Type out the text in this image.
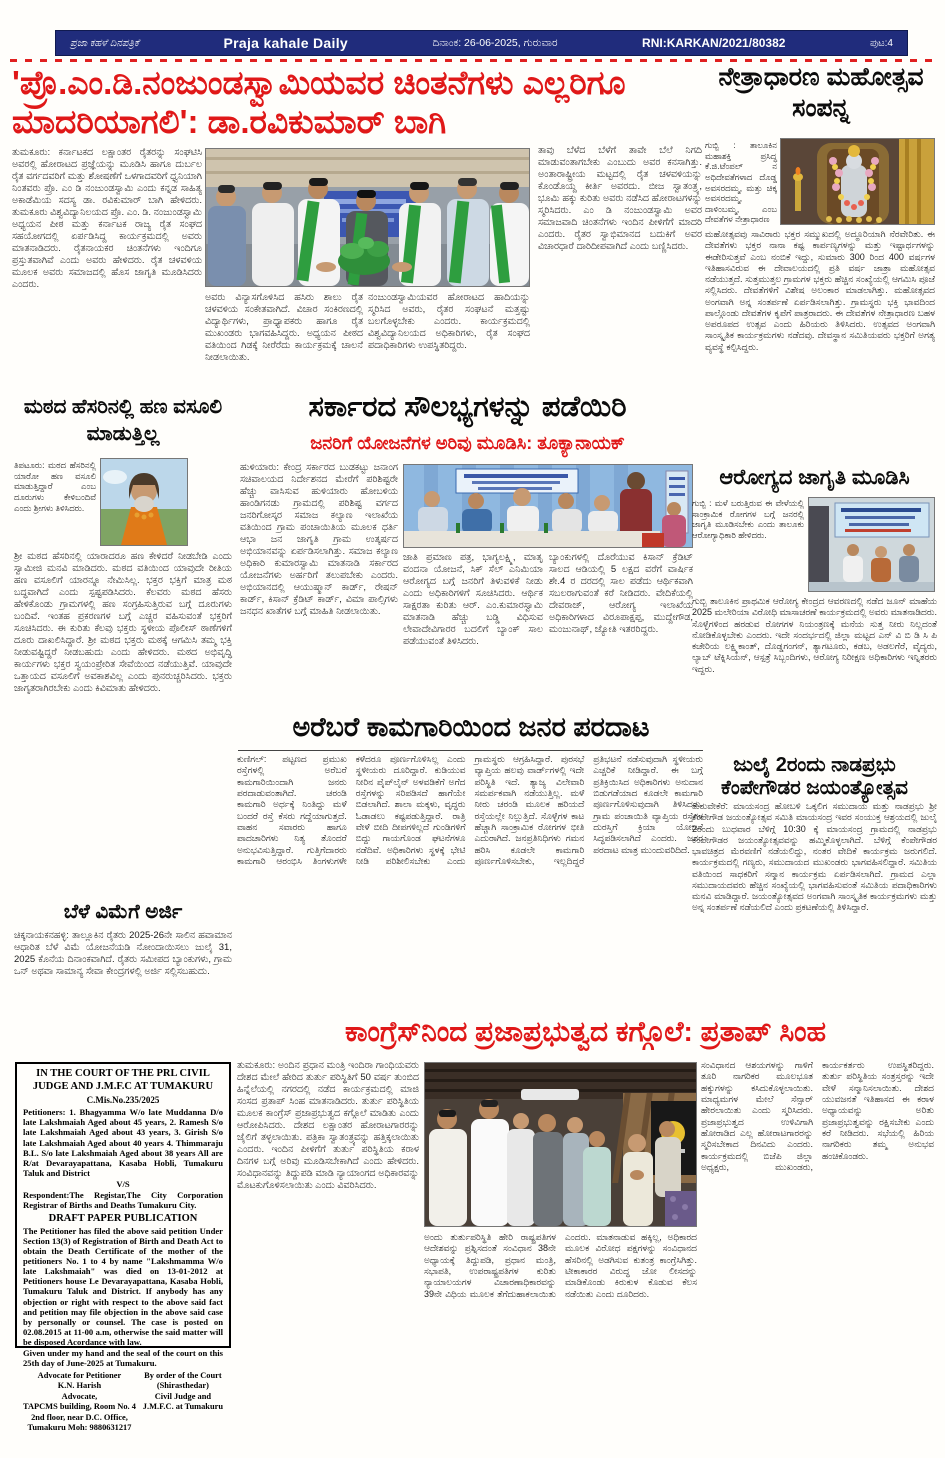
ಪ್ರಜಾ ಕಹಳೆ ದಿನಪತ್ರಿಕೆ	Praja kahale Daily	ದಿನಾಂಕ: 26-06-2025, ಗುರುವಾರ	RNI:KARKAN/2021/80382	ಪುಟ:4
'ಪ್ರೊ.ಎಂ.ಡಿ.ನಂಜುಂಡಸ್ವಾಮಿಯವರ ಚಿಂತನೆಗಳು ಎಲ್ಲರಿಗೂ ಮಾದರಿಯಾಗಲಿ': ಡಾ.ರವಿಕುಮಾರ್ ಬಾಗಿ
ತುಮಕೂರು: ಕರ್ನಾಟಕದ ಲಕ್ಷಾಂತರ ರೈತರನ್ನು ಸಂಘಟಿಸಿ ಅವರಲ್ಲಿ ಹೋರಾಟದ ಪ್ರಜ್ಞೆಯನ್ನು ಮೂಡಿಸಿ ಹಾಗೂ ದುರ್ಬಲ ರೈತ ವರ್ಗದವರಿಗೆ ಮತ್ತು ಶೋಷಣೆಗೆ ಒಳಗಾದವರಿಗೆ ಧ್ವನಿಯಾಗಿ ನಿಂತವರು ಪ್ರೊ. ಎಂ ಡಿ ನಂಜುಂಡಸ್ವಾಮಿ ಎಂದು ಕನ್ನಡ ಸಾಹಿತ್ಯ ಅಕಾಡೆಮಿಯ ಸದಸ್ಯ ಡಾ. ರವಿಕುಮಾರ್ ಬಾಗಿ ಹೇಳಿದರು. ತುಮಕೂರು ವಿಶ್ವವಿದ್ಯಾನಿಲಯದ ಪ್ರೊ. ಎಂ. ಡಿ. ನಂಜುಂಡಸ್ವಾಮಿ ಅಧ್ಯಯನ ಪೀಠ ಮತ್ತು ಕರ್ನಾಟಕ ರಾಜ್ಯ ರೈತ ಸಂಘದ ಸಹಯೋಗದಲ್ಲಿ ಏರ್ಪಡಿಸಿದ್ದ ಕಾರ್ಯಕ್ರಮದಲ್ಲಿ ಅವರು ಮಾತನಾಡಿದರು. ರೈತನಾಯಕರ ಚಿಂತನೆಗಳು ಇಂದಿಗೂ ಪ್ರಸ್ತುತವಾಗಿವೆ ಎಂದು ಅವರು ಹೇಳಿದರು. ರೈತ ಚಳವಳಿಯ ಮೂಲಕ ಅವರು ಸಮಾಜದಲ್ಲಿ ಹೊಸ ಜಾಗೃತಿ ಮೂಡಿಸಿದರು ಎಂದರು.
ತಾವು ಬೆಳೆದ ಬೆಳೆಗೆ ತಾವೇ ಬೆಲೆ ನಿಗದಿ ಮಾಡುವಂತಾಗಬೇಕು ಎಂಬುದು ಅವರ ಕನಸಾಗಿತ್ತು. ಅಂತಾರಾಷ್ಟ್ರೀಯ ಮಟ್ಟದಲ್ಲಿ ರೈತ ಚಳವಳಿಯನ್ನು ಕೊಂಡೊಯ್ದ ಕೀರ್ತಿ ಅವರದು. ಬೀಜ ಸ್ವಾತಂತ್ರ್ಯ, ಭೂಮಿ ಹಕ್ಕು ಕುರಿತು ಅವರು ನಡೆಸಿದ ಹೋರಾಟಗಳನ್ನು ಸ್ಮರಿಸಿದರು. ಎಂ ಡಿ ನಂಜುಂಡಸ್ವಾಮಿ ಅವರ ಸಮಾಜವಾದಿ ಚಿಂತನೆಗಳು ಇಂದಿನ ಪೀಳಿಗೆಗೆ ಮಾದರಿ ಎಂದರು. ರೈತರ ಸ್ವಾಭಿಮಾನದ ಬದುಕಿಗೆ ಅವರ ವಿಚಾರಧಾರೆ ದಾರಿದೀಪವಾಗಿದೆ ಎಂದು ಬಣ್ಣಿಸಿದರು.
ಅವರು ವಿನ್ಯಾಸಗೊಳಿಸಿದ ಹಸಿರು ಶಾಲು ರೈತ ಚಳವಳಿಯ ಸಂಕೇತವಾಗಿದೆ. ವಿಚಾರ ಸಂಕಿರಣದಲ್ಲಿ ವಿದ್ಯಾರ್ಥಿಗಳು, ಪ್ರಾಧ್ಯಾಪಕರು ಹಾಗೂ ರೈತ ಮುಖಂಡರು ಭಾಗವಹಿಸಿದ್ದರು. ಅಧ್ಯಯನ ಪೀಠದ ವತಿಯಿಂದ ಗಿಡಕ್ಕೆ ನೀರೆರೆದು ಕಾರ್ಯಕ್ರಮಕ್ಕೆ ಚಾಲನೆ ನೀಡಲಾಯಿತು.
ನಂಜುಂಡಸ್ವಾಮಿಯವರ ಹೋರಾಟದ ಹಾದಿಯನ್ನು ಸ್ಮರಿಸಿದ ಅವರು, ರೈತರ ಸಂಘಟನೆ ಮತ್ತಷ್ಟು ಬಲಗೊಳ್ಳಬೇಕು ಎಂದರು. ಕಾರ್ಯಕ್ರಮದಲ್ಲಿ ವಿಶ್ವವಿದ್ಯಾನಿಲಯದ ಅಧಿಕಾರಿಗಳು, ರೈತ ಸಂಘದ ಪದಾಧಿಕಾರಿಗಳು ಉಪಸ್ಥಿತರಿದ್ದರು.
ನೇತ್ರಾಧಾರಣ ಮಹೋತ್ಸವ ಸಂಪನ್ನ
ಗುಬ್ಬಿ : ತಾಲೂಕಿನ ಮಹಾಶಕ್ತಿ ಪ್ರಸಿದ್ಧ ಕೆ.ಜಿ.ಟೆಂಪಲ್ ನ ಅಧಿದೇವತೆಗಳಾದ ದೊಡ್ಡ ಅವಸರದಮ್ಮ, ಮತ್ತು ಚಿಕ್ಕ ಅವಸರದಮ್ಮ, ದಾಳಿಂಬಮ್ಮ, ಎಂಬ ದೇವತೆಗಳ ನೇತ್ರಾಧಾರಣ
ಮಹೋತ್ಸವವು ಸಾವಿರಾರು ಭಕ್ತರ ಸಮ್ಮುಖದಲ್ಲಿ ಅದ್ಧೂರಿಯಾಗಿ ನೆರವೇರಿತು. ಈ ದೇವತೆಗಳು ಭಕ್ತರ ನಾನಾ ಕಷ್ಟ ಕಾರ್ಪಣ್ಯಗಳನ್ನು ಮತ್ತು ಇಷ್ಟಾರ್ಥಗಳನ್ನು ಈಡೇರಿಸುತ್ತವೆ ಎಂಬ ನಂಬಿಕೆ ಇದ್ದು, ಸುಮಾರು 300 ರಿಂದ 400 ವರ್ಷಗಳ ಇತಿಹಾಸವಿರುವ ಈ ದೇವಾಲಯದಲ್ಲಿ ಪ್ರತಿ ವರ್ಷ ಜಾತ್ರಾ ಮಹೋತ್ಸವ ನಡೆಯುತ್ತದೆ. ಸುತ್ತಮುತ್ತಲ ಗ್ರಾಮಗಳ ಭಕ್ತರು ಹೆಚ್ಚಿನ ಸಂಖ್ಯೆಯಲ್ಲಿ ಆಗಮಿಸಿ ಪೂಜೆ ಸಲ್ಲಿಸಿದರು. ದೇವತೆಗಳಿಗೆ ವಿಶೇಷ ಅಲಂಕಾರ ಮಾಡಲಾಗಿತ್ತು. ಮಹೋತ್ಸವದ ಅಂಗವಾಗಿ ಅನ್ನ ಸಂತರ್ಪಣೆ ಏರ್ಪಡಿಸಲಾಗಿತ್ತು. ಗ್ರಾಮಸ್ಥರು ಭಕ್ತಿ ಭಾವದಿಂದ ಪಾಲ್ಗೊಂಡು ದೇವತೆಗಳ ಕೃಪೆಗೆ ಪಾತ್ರರಾದರು. ಈ ದೇವತೆಗಳ ನೇತ್ರಾಧಾರಣ ಬಹಳ ಅಪರೂಪದ ಉತ್ಸವ ಎಂದು ಹಿರಿಯರು ತಿಳಿಸಿದರು. ಉತ್ಸವದ ಅಂಗವಾಗಿ ಸಾಂಸ್ಕೃತಿಕ ಕಾರ್ಯಕ್ರಮಗಳು ನಡೆದವು. ದೇವಸ್ಥಾನ ಸಮಿತಿಯವರು ಭಕ್ತರಿಗೆ ಅಗತ್ಯ ವ್ಯವಸ್ಥೆ ಕಲ್ಪಿಸಿದ್ದರು.
ಮಠದ ಹೆಸರಿನಲ್ಲಿ ಹಣ ವಸೂಲಿ ಮಾಡುತ್ತಿಲ್ಲ
ಸರ್ಕಾರದ ಸೌಲಭ್ಯಗಳನ್ನು ಪಡೆಯಿರಿ
ಜನರಿಗೆ ಯೋಜನೆಗಳ ಅರಿವು ಮೂಡಿಸಿ: ತೂಕ್ಯಾನಾಯಕ್
ತಿಪಟೂರು: ಮಠದ ಹೆಸರಿನಲ್ಲಿ ಯಾರೋ ಹಣ ವಸೂಲಿ ಮಾಡುತ್ತಿದ್ದಾರೆ ಎಂಬ ದೂರುಗಳು ಕೇಳಿಬಂದಿವೆ ಎಂದು ಶ್ರೀಗಳು ತಿಳಿಸಿದರು.
ಶ್ರೀ ಮಠದ ಹೆಸರಿನಲ್ಲಿ ಯಾರಾದರೂ ಹಣ ಕೇಳಿದರೆ ನೀಡಬೇಡಿ ಎಂದು ಸ್ವಾಮೀಜಿ ಮನವಿ ಮಾಡಿದರು. ಮಠದ ವತಿಯಿಂದ ಯಾವುದೇ ರೀತಿಯ ಹಣ ವಸೂಲಿಗೆ ಯಾರನ್ನೂ ನೇಮಿಸಿಲ್ಲ. ಭಕ್ತರ ಭಕ್ತಿಗೆ ಮಾತ್ರ ಮಠ ಬದ್ಧವಾಗಿದೆ ಎಂದು ಸ್ಪಷ್ಟಪಡಿಸಿದರು. ಕೆಲವರು ಮಠದ ಹೆಸರು ಹೇಳಿಕೊಂಡು ಗ್ರಾಮಗಳಲ್ಲಿ ಹಣ ಸಂಗ್ರಹಿಸುತ್ತಿರುವ ಬಗ್ಗೆ ದೂರುಗಳು ಬಂದಿವೆ. ಇಂತಹ ಪ್ರಕರಣಗಳ ಬಗ್ಗೆ ಎಚ್ಚರ ವಹಿಸುವಂತೆ ಭಕ್ತರಿಗೆ ಸೂಚಿಸಿದರು. ಈ ಕುರಿತು ಕೆಲವು ಭಕ್ತರು ಸ್ಥಳೀಯ ಪೊಲೀಸ್ ಠಾಣೆಗಳಿಗೆ ದೂರು ದಾಖಲಿಸಿದ್ದಾರೆ. ಶ್ರೀ ಮಠದ ಭಕ್ತರು ಮಠಕ್ಕೆ ಆಗಮಿಸಿ ತಮ್ಮ ಭಕ್ತಿ ನೀಡುವಷ್ಟಿದ್ದರೆ ನೀಡಬಹುದು ಎಂದು ಹೇಳಿದರು. ಮಠದ ಅಭಿವೃದ್ಧಿ ಕಾರ್ಯಗಳು ಭಕ್ತರ ಸ್ವಯಂಪ್ರೇರಿತ ಸೇವೆಯಿಂದ ನಡೆಯುತ್ತಿವೆ. ಯಾವುದೇ ಒತ್ತಾಯದ ವಸೂಲಿಗೆ ಅವಕಾಶವಿಲ್ಲ ಎಂದು ಪುನರುಚ್ಚರಿಸಿದರು. ಭಕ್ತರು ಜಾಗೃತರಾಗಿರಬೇಕು ಎಂದು ಕಿವಿಮಾತು ಹೇಳಿದರು.
ಬೆಳೆ ವಿಮೆಗೆ ಅರ್ಜಿ
ಚಿಕ್ಕನಾಯಕನಹಳ್ಳಿ: ತಾಲ್ಲೂಕಿನ ರೈತರು 2025-26ನೇ ಸಾಲಿನ ಹವಾಮಾನ ಆಧಾರಿತ ಬೆಳೆ ವಿಮೆ ಯೋಜನೆಯಡಿ ನೋಂದಾಯಿಸಲು ಜುಲೈ 31, 2025 ಕೊನೆಯ ದಿನಾಂಕವಾಗಿದೆ. ರೈತರು ಸಮೀಪದ ಬ್ಯಾಂಕುಗಳು, ಗ್ರಾಮ ಒನ್ ಅಥವಾ ಸಾಮಾನ್ಯ ಸೇವಾ ಕೇಂದ್ರಗಳಲ್ಲಿ ಅರ್ಜಿ ಸಲ್ಲಿಸಬಹುದು.
ಹುಳಿಯಾರು: ಕೇಂದ್ರ ಸರ್ಕಾರದ ಬುಡಕಟ್ಟು ಜನಾಂಗ ಸಚಿವಾಲಯದ ನಿರ್ದೇಶನದ ಮೇರೆಗೆ ಪರಿಶಿಷ್ಟರೇ ಹೆಚ್ಚು ವಾಸಿಸುವ ಹುಳಿಯಾರು ಹೋಬಳಿಯ ಹಾಂಡಿಗನಡು ಗ್ರಾಮದಲ್ಲಿ ಪರಿಶಿಷ್ಟ ವರ್ಗದ ಜನರಿಗೋಸ್ಕರ ಸಮಾಜ ಕಲ್ಯಾಣ ಇಲಾಖೆಯ ವತಿಯಿಂದ ಗ್ರಾಮ ಪಂಚಾಯಿತಿಯ ಮೂಲಕ ಧರ್ತಿ ಆಭಾ ಜನ ಜಾಗೃತಿ ಗ್ರಾಮ ಉತ್ಕರ್ಷದ ಅಭಿಯಾನವನ್ನು ಏರ್ಪಡಿಸಲಾಗಿತ್ತು. ಸಮಾಜ ಕಲ್ಯಾಣ ಅಧಿಕಾರಿ ಕುಮಾರಸ್ವಾಮಿ ಮಾತನಾಡಿ ಸರ್ಕಾರದ ಯೋಜನೆಗಳು ಅರ್ಹರಿಗೆ ತಲುಪಬೇಕು ಎಂದರು. ಅಭಿಯಾನದಲ್ಲಿ ಆಯುಷ್ಮಾನ್ ಕಾರ್ಡ್, ರೇಷನ್ ಕಾರ್ಡ್, ಕಿಸಾನ್ ಕ್ರೆಡಿಟ್ ಕಾರ್ಡ್, ವಿಮಾ ಪಾಲ್ಸಿಗಳು ಜನಧನ ಖಾತೆಗಳ ಬಗ್ಗೆ ಮಾಹಿತಿ ನೀಡಲಾಯಿತು.
ಜಾತಿ ಪ್ರಮಾಣ ಪತ್ರ, ಭಾಗ್ಯಲಕ್ಷ್ಮಿ, ಮಾತೃ ವಂದನಾ ಯೋಜನೆ, ಸಿಕ್ ಸೆಲ್ ಎನಿಮಿಯಾ ಆರೋಗ್ಯದ ಬಗ್ಗೆ ಜನರಿಗೆ ತಿಳುವಳಿಕೆ ನೀಡು ಎಂದು ಅಧಿಕಾರಿಗಳಿಗೆ ಸೂಚಿಸಿದರು. ಆರ್ಥಿಕ ಸಾಕ್ಷರತಾ ಕುರಿತು ಆರ್. ಎಂ.ಕುಮಾರಸ್ವಾಮಿ ಮಾತನಾಡಿ ಹೆಚ್ಚು ಬಡ್ಡಿ ವಿಧಿಸುವ ಲೇವಾದೇವಿಗಾರರ ಬದಲಿಗೆ ಬ್ಯಾಂಕ್ ಸಾಲ ಪಡೆಯುವಂತೆ ತಿಳಿಸಿದರು.
ಬ್ಯಾಂಕುಗಳಲ್ಲಿ ದೊರೆಯುವ ಕಿಸಾನ್ ಕ್ರೆಡಿಟ್ ಸಾಲದ ಆಡಿಯಲ್ಲಿ 5 ಲಕ್ಷದ ವರೆಗೆ ವಾರ್ಷಿಕ ಶೇ.4 ರ ದರದಲ್ಲಿ ಸಾಲ ಪಡೆದು ಆರ್ಥಿಕವಾಗಿ ಸಬಲರಾಗುವಂತೆ ಕರೆ ನೀಡಿದರು. ವೇದಿಕೆಯಲ್ಲಿ ದೇವರಾಜ್, ಆರೋಗ್ಯ ಇಲಾಖೆಯ ಅಧಿಕಾರಿಗಳಾದ ವಿರೂಪಾಕ್ಷಪ್ಪ, ಮುದ್ದೇಗೌಡ, ಮಂಜುನಾಥ್, ಜ್ಯೋತಿ ಇತರರಿದ್ದರು.
ಅರೆಬರೆ ಕಾಮಗಾರಿಯಿಂದ ಜನರ ಪರದಾಟ
ಕುಣಿಗಲ್: ಪಟ್ಟಣದ ಪ್ರಮುಖ ರಸ್ತೆಗಳಲ್ಲಿ ಅರೆಬರೆ ಕಾಮಗಾರಿಯಿಂದಾಗಿ ಜನರು ಪರದಾಡುವಂತಾಗಿದೆ. ಚರಂಡಿ ಕಾಮಗಾರಿ ಅರ್ಧಕ್ಕೆ ನಿಂತಿದ್ದು ಮಳೆ ಬಂದರೆ ರಸ್ತೆ ಕೆಸರು ಗದ್ದೆಯಾಗುತ್ತದೆ. ವಾಹನ ಸವಾರರು ಹಾಗೂ ಪಾದಚಾರಿಗಳು ನಿತ್ಯ ತೊಂದರೆ ಅನುಭವಿಸುತ್ತಿದ್ದಾರೆ. ಗುತ್ತಿಗೆದಾರರು ಕಾಮಗಾರಿ ಆರಂಭಿಸಿ ತಿಂಗಳುಗಳೇ ಕಳೆದರೂ ಪೂರ್ಣಗೊಳಿಸಿಲ್ಲ ಎಂದು ಸ್ಥಳೀಯರು ದೂರಿದ್ದಾರೆ. ಕುಡಿಯುವ ನೀರಿನ ಪೈಪ್‌ಲೈನ್ ಅಳವಡಿಕೆಗೆ ಅಗೆದ ರಸ್ತೆಗಳನ್ನು ಸರಿಪಡಿಸದೆ ಹಾಗೆಯೇ ಬಿಡಲಾಗಿದೆ. ಶಾಲಾ ಮಕ್ಕಳು, ವೃದ್ಧರು ಓಡಾಡಲು ಕಷ್ಟಪಡುತ್ತಿದ್ದಾರೆ. ರಾತ್ರಿ ವೇಳೆ ಬೀದಿ ದೀಪಗಳಿಲ್ಲದೆ ಗುಂಡಿಗಳಿಗೆ ಬಿದ್ದು ಗಾಯಗೊಂಡ ಘಟನೆಗಳೂ ನಡೆದಿವೆ. ಅಧಿಕಾರಿಗಳು ಸ್ಥಳಕ್ಕೆ ಭೇಟಿ ನೀಡಿ ಪರಿಶೀಲಿಸಬೇಕು ಎಂದು ಗ್ರಾಮಸ್ಥರು ಆಗ್ರಹಿಸಿದ್ದಾರೆ. ಪುರಸಭೆ ವ್ಯಾಪ್ತಿಯ ಹಲವು ವಾರ್ಡ್‌ಗಳಲ್ಲಿ ಇದೇ ಪರಿಸ್ಥಿತಿ ಇದೆ. ತ್ಯಾಜ್ಯ ವಿಲೇವಾರಿ ಸಮರ್ಪಕವಾಗಿ ನಡೆಯುತ್ತಿಲ್ಲ. ಮಳೆ ನೀರು ಚರಂಡಿ ಮೂಲಕ ಹರಿಯದೆ ರಸ್ತೆಯಲ್ಲೇ ನಿಲ್ಲುತ್ತಿದೆ. ಸೊಳ್ಳೆಗಳ ಕಾಟ ಹೆಚ್ಚಾಗಿ ಸಾಂಕ್ರಾಮಿಕ ರೋಗಗಳ ಭೀತಿ ಎದುರಾಗಿದೆ. ಜನಪ್ರತಿನಿಧಿಗಳು ಗಮನ ಹರಿಸಿ ಕೂಡಲೇ ಕಾಮಗಾರಿ ಪೂರ್ಣಗೊಳಿಸಬೇಕು, ಇಲ್ಲದಿದ್ದರೆ ಪ್ರತಿಭಟನೆ ನಡೆಸುವುದಾಗಿ ಸ್ಥಳೀಯರು ಎಚ್ಚರಿಕೆ ನೀಡಿದ್ದಾರೆ. ಈ ಬಗ್ಗೆ ಪ್ರತಿಕ್ರಿಯಿಸಿದ ಅಧಿಕಾರಿಗಳು ಅನುದಾನ ಬಿಡುಗಡೆಯಾದ ಕೂಡಲೇ ಕಾಮಗಾರಿ ಪೂರ್ಣಗೊಳಿಸುವುದಾಗಿ ತಿಳಿಸಿದರು. ಗ್ರಾಮ ಪಂಚಾಯಿತಿ ವ್ಯಾಪ್ತಿಯ ರಸ್ತೆಗಳ ದುರಸ್ತಿಗೆ ಕ್ರಿಯಾ ಯೋಜನೆ ಸಿದ್ಧಪಡಿಸಲಾಗಿದೆ ಎಂದರು. ಜನರ ಪರದಾಟ ಮಾತ್ರ ಮುಂದುವರಿದಿದೆ.
ಆರೋಗ್ಯದ ಜಾಗೃತಿ ಮೂಡಿಸಿ
ಗುಬ್ಬಿ : ಮಳೆ ಬರುತ್ತಿರುವ ಈ ವೇಳೆಯಲ್ಲಿ ಸಾಂಕ್ರಾಮಿಕ ರೋಗಗಳ ಬಗ್ಗೆ ಜನರಲ್ಲಿ ಜಾಗೃತಿ ಮೂಡಿಸಬೇಕು ಎಂದು ತಾಲೂಕು ಆರೋಗ್ಯಾಧಿಕಾರಿ ಹೇಳಿದರು.
ಗುಬ್ಬಿ ತಾಲೂಕಿನ ಪ್ರಾಥಮಿಕ ಆರೋಗ್ಯ ಕೇಂದ್ರದ ಆವರಣದಲ್ಲಿ ನಡೆದ ಜೂನ್ ಮಾಹೆಯ 2025 ಮಲೇರಿಯಾ ವಿರೋಧಿ ಮಾಸಾಚರಣೆ ಕಾರ್ಯಕ್ರಮದಲ್ಲಿ ಅವರು ಮಾತನಾಡಿದರು. ಸೊಳ್ಳೆಗಳಿಂದ ಹರಡುವ ರೋಗಗಳ ನಿಯಂತ್ರಣಕ್ಕೆ ಮನೆಯ ಸುತ್ತ ನೀರು ನಿಲ್ಲದಂತೆ ನೋಡಿಕೊಳ್ಳಬೇಕು ಎಂದರು. ಇದೇ ಸಂದರ್ಭದಲ್ಲಿ ಜಿಲ್ಲಾ ಮಟ್ಟದ ಎನ್ ವಿ ಬಿ ಡಿ ಸಿ ಪಿ ಕಚೇರಿಯ ಲಕ್ಷ್ಮಿಕಾಂತ್, ದೊಡ್ಡಗಂಗನ್, ತ್ಯಾಗಟೂರು, ಕಡಬ, ಅಡಲಗೆರೆ, ವೈದ್ಯರು, ಲ್ಯಾಬ್ ಟೆಕ್ನಿಸಿಯನ್, ಆಸ್ಪತ್ರೆ ಸಿಬ್ಬಂದಿಗಳು, ಆರೋಗ್ಯ ನಿರೀಕ್ಷಣ ಅಧಿಕಾರಿಗಳು ಇನ್ನಿತರರು ಇದ್ದರು.
ಜುಲೈ 2ರಂದು ನಾಡಪ್ರಭು ಕೆಂಪೇಗೌಡರ ಜಯಂತ್ಯೋತ್ಸವ
ತುರುವೇಕೆರೆ: ಮಾಯಸಂದ್ರ ಹೋಬಳಿ ಒಕ್ಕಲಿಗ ಸಮುದಾಯ ಮತ್ತು ನಾಡಪ್ರಭು ಶ್ರೀ ಕೆಂಪೇಗೌಡ ಜಯಂತ್ಯೋತ್ಸವ ಸಮಿತಿ ಮಾಯಸಂದ್ರ ಇವರ ಸಂಯುಕ್ತ ಆಶ್ರಯದಲ್ಲಿ ಜುಲೈ 2ರಂದು ಬುಧವಾರ ಬೆಳಿಗ್ಗೆ 10:30 ಕ್ಕೆ ಮಾಯಸಂದ್ರ ಗ್ರಾಮದಲ್ಲಿ ನಾಡಪ್ರಭು ಕೆಂಪೇಗೌಡರ ಜಯಂತ್ಯೋತ್ಸವವನ್ನು ಹಮ್ಮಿಕೊಳ್ಳಲಾಗಿದೆ. ಬೆಳಿಗ್ಗೆ ಕೆಂಪೇಗೌಡರ ಭಾವಚಿತ್ರದ ಮೆರವಣಿಗೆ ನಡೆಯಲಿದ್ದು, ನಂತರ ವೇದಿಕೆ ಕಾರ್ಯಕ್ರಮ ಜರುಗಲಿದೆ. ಕಾರ್ಯಕ್ರಮದಲ್ಲಿ ಗಣ್ಯರು, ಸಮುದಾಯದ ಮುಖಂಡರು ಭಾಗವಹಿಸಲಿದ್ದಾರೆ. ಸಮಿತಿಯ ವತಿಯಿಂದ ಸಾಧಕರಿಗೆ ಸನ್ಮಾನ ಕಾರ್ಯಕ್ರಮ ಏರ್ಪಡಿಸಲಾಗಿದೆ. ಗ್ರಾಮದ ಎಲ್ಲಾ ಸಮುದಾಯದವರು ಹೆಚ್ಚಿನ ಸಂಖ್ಯೆಯಲ್ಲಿ ಭಾಗವಹಿಸುವಂತೆ ಸಮಿತಿಯ ಪದಾಧಿಕಾರಿಗಳು ಮನವಿ ಮಾಡಿದ್ದಾರೆ. ಜಯಂತ್ಯೋತ್ಸವದ ಅಂಗವಾಗಿ ಸಾಂಸ್ಕೃತಿಕ ಕಾರ್ಯಕ್ರಮಗಳು ಮತ್ತು ಅನ್ನ ಸಂತರ್ಪಣೆ ನಡೆಯಲಿದೆ ಎಂದು ಪ್ರಕಟಣೆಯಲ್ಲಿ ತಿಳಿಸಿದ್ದಾರೆ.
ಕಾಂಗ್ರೆಸ್‌ನಿಂದ ಪ್ರಜಾಪ್ರಭುತ್ವದ ಕಗ್ಗೊಲೆ: ಪ್ರತಾಪ್ ಸಿಂಹ
ತುಮಕೂರು: ಅಂದಿನ ಪ್ರಧಾನ ಮಂತ್ರಿ ಇಂದಿರಾ ಗಾಂಧಿಯವರು ದೇಶದ ಮೇಲೆ ಹೇರಿದ ತುರ್ತು ಪರಿಸ್ಥಿತಿಗೆ 50 ವರ್ಷ ತುಂಬಿದ ಹಿನ್ನೆಲೆಯಲ್ಲಿ ನಗರದಲ್ಲಿ ನಡೆದ ಕಾರ್ಯಕ್ರಮದಲ್ಲಿ ಮಾಜಿ ಸಂಸದ ಪ್ರತಾಪ್ ಸಿಂಹ ಮಾತನಾಡಿದರು. ತುರ್ತು ಪರಿಸ್ಥಿತಿಯ ಮೂಲಕ ಕಾಂಗ್ರೆಸ್ ಪ್ರಜಾಪ್ರಭುತ್ವದ ಕಗ್ಗೊಲೆ ಮಾಡಿತು ಎಂದು ಆರೋಪಿಸಿದರು. ದೇಶದ ಲಕ್ಷಾಂತರ ಹೋರಾಟಗಾರರನ್ನು ಜೈಲಿಗೆ ತಳ್ಳಲಾಯಿತು. ಪತ್ರಿಕಾ ಸ್ವಾತಂತ್ರ್ಯವನ್ನು ಹತ್ತಿಕ್ಕಲಾಯಿತು ಎಂದರು. ಇಂದಿನ ಪೀಳಿಗೆಗೆ ತುರ್ತು ಪರಿಸ್ಥಿತಿಯ ಕರಾಳ ದಿನಗಳ ಬಗ್ಗೆ ಅರಿವು ಮೂಡಿಸಬೇಕಾಗಿದೆ ಎಂದು ಹೇಳಿದರು. ಸಂವಿಧಾನವನ್ನು ತಿದ್ದುಪಡಿ ಮಾಡಿ ನ್ಯಾಯಾಂಗದ ಅಧಿಕಾರವನ್ನು ಮೊಟಕುಗೊಳಿಸಲಾಯಿತು ಎಂದು ವಿವರಿಸಿದರು.
ಅಂದು ತುರ್ತುಪರಿಸ್ಥಿತಿ ಹೇರಿ ರಾಷ್ಟ್ರಪತಿಗಳ ಆದೇಶವನ್ನು ಪ್ರಶ್ನಿಸದಂತೆ ಸಂವಿಧಾನ 38ನೇ ಅಧ್ಯಾಯಕ್ಕೆ ತಿದ್ದುಪಡಿ, ಪ್ರಧಾನ ಮಂತ್ರಿ, ಸಭಾಪತಿ, ಉಪರಾಷ್ಟ್ರಪತಿಗಳ ಕುರಿತು ನ್ಯಾಯಾಲಯಗಳ ವಿಚಾರಣಾಧಿಕಾರವನ್ನು 39ನೇ ವಿಧಿಯ ಮೂಲಕ ತೆಗೆದುಹಾಕಲಾಯಿತು ಎಂದರು. ಮಾತನಾಡುವ ಹಕ್ಕಿಲ್ಲ, ಅಧಿಕಾರದ ಮೂಲಕ ವಿರೋಧ ಪಕ್ಷಗಳನ್ನು ಸಂವಿಧಾನದ ಹೆಸರಿನಲ್ಲಿ ಅಡಗಿಸುವ ಕುತಂತ್ರ ಕಾಂಗ್ರೆಸಿಗಿತ್ತು. ಟೀಕಾಕಾರರ ವಿರುದ್ಧ ಜೋ ಲೀಸದನ್ನು ಮಾಡಿಕೊಂಡು ಕಿರುಕುಳ ಕೊಡುವ ಕೆಲಸ ನಡೆಯಿತು ಎಂದು ದೂರಿದರು.
ಸಂವಿಧಾನದ ಆಶಯಗಳನ್ನು ಗಾಳಿಗೆ ತೂರಿ ನಾಗರಿಕರ ಮೂಲಭೂತ ಹಕ್ಕುಗಳನ್ನು ಕಸಿದುಕೊಳ್ಳಲಾಯಿತು. ಮಾಧ್ಯಮಗಳ ಮೇಲೆ ಸೆನ್ಸಾರ್ ಹೇರಲಾಯಿತು ಎಂದು ಸ್ಮರಿಸಿದರು. ಪ್ರಜಾಪ್ರಭುತ್ವದ ಉಳಿವಿಗಾಗಿ ಹೋರಾಡಿದ ಎಲ್ಲ ಹೋರಾಟಗಾರರನ್ನು ಸ್ಮರಿಸಬೇಕಾದ ದಿನವಿದು ಎಂದರು. ಕಾರ್ಯಕ್ರಮದಲ್ಲಿ ಬಿಜೆಪಿ ಜಿಲ್ಲಾ ಅಧ್ಯಕ್ಷರು, ಮುಖಂಡರು, ಕಾರ್ಯಕರ್ತರು ಉಪಸ್ಥಿತರಿದ್ದರು. ತುರ್ತು ಪರಿಸ್ಥಿತಿಯ ಸಂತ್ರಸ್ತರನ್ನು ಇದೇ ವೇಳೆ ಸನ್ಮಾನಿಸಲಾಯಿತು. ದೇಶದ ಯುವಜನತೆ ಇತಿಹಾಸದ ಈ ಕರಾಳ ಅಧ್ಯಾಯವನ್ನು ಅರಿತು ಪ್ರಜಾಪ್ರಭುತ್ವವನ್ನು ರಕ್ಷಿಸಬೇಕು ಎಂದು ಕರೆ ನೀಡಿದರು. ಸಭೆಯಲ್ಲಿ ಹಿರಿಯ ನಾಗರಿಕರು ತಮ್ಮ ಅನುಭವ ಹಂಚಿಕೊಂಡರು.
IN THE COURT OF THE PRL CIVIL JUDGE AND J.M.F.C AT TUMAKURU
C.Mis.No.235/2025

Petitioners: 1. Bhagyamma W/o late Muddanna D/o late Lakshmaiah Aged about 45 years, 2. Ramesh S/o late Lakshmaiah Aged about 43 years, 3. Girish S/o late Lakshmaiah Aged about 40 years 4. Thimmaraju B.L. S/o late Lakshmaiah Aged about 38 years All are R/at Devarayapattana, Kasaba Hobli, Tumakuru Taluk and District

V/S

Respondent:The Registar,The City Corporation Registrar of Births and Deaths Tumakuru City.

DRAFT PAPER PUBLICATION

The Petitioner has filed the above said petition Under Section 13(3) of Registration of Birth and Death Act to obtain the Death Certificate of the mother of the petitioners No. 1 to 4 by name "Lakshmamma W/o late Lakshmaiah" was died on 13-01-2012 at Petitioners house Le Devarayapattana, Kasaba Hobli, Tumakuru Taluk and District. If anybody has any objection or right with respect to the above said fact and petition may file objection in the above said case by personally or counsel. The case is posted on 02.08.2015 at 11-00 a.m, otherwise the said matter will be disposed Acordance with law.

Given under my hand and the seal of the court on this 25th day of June-2025 at Tumakuru.

Advocate for Petitioner
K.N. Harish
Advocate,
TAPCMS building, Room No. 4
2nd floor, near D.C. Office,
Tumakuru Moh: 9880631217
By order of the Court
(Shirasthedar)
Civil Judge and
J.M.F.C. at Tumakuru
